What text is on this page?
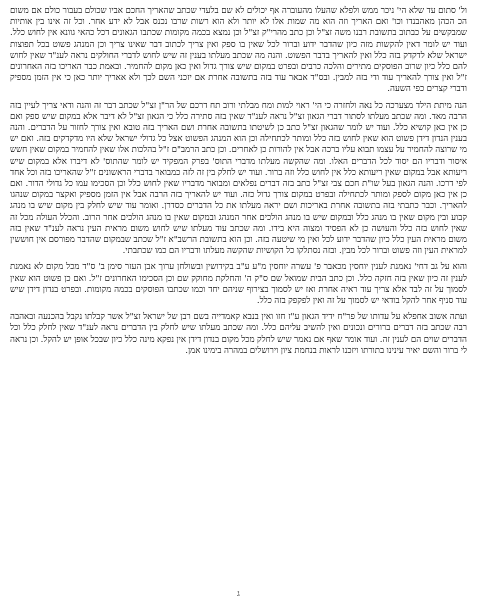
ול' סתום עד שלא הי' ניכר ממש ולפלא שהעלו מהעוברה אף יכולים לא שם בלעדי שכתב שהאריך החכם אביו שכולם בעבור כולם אם משום הכ הכהן מאהבנדו וכו' ואם האריך וזה הוא מה שמות אלו לא יותר ולא הוא רשות שרבו נכנס אבל לא ידע אחר. וכל זה אינו בין אותיות שמבקשים על כבתוב בתשובת רבנו משה זצ"ל וכן כתב מהרי"ק זצ"ל וכן נמצא בכמה מקומות שכתבו הגאונים דכל כהאי גוונא אין לחוש כלל. ועוד יש לומר דאין להקשות מזה כיון שהדבר ידוע וברור לכל שאין בו ספק ואין צריך לכתוב דבר שאינו צריך וכן המנהג פשוט בכל תפוצות ישראל שלא לדקדק בזה כלל ואין להאריך בדבר הפשוט. והנה מה שכתב מעלתו בענין זה שיש לחוש לדברי החולקים נראה לענ"ד שאין לחוש להם כלל כיון שרוב הפוסקים מתירים והלכה כרבים ובפרט במקום שיש צורך גדול ואין כאן מקום להחמיר. ובאמת כבר האריכו בזה האחרונים ז"ל ואין צורך להאריך עוד ודי בזה למבין. ובס"ד אבאר עוד בזה בתשובה אחרת אם יזכני השם לכך ולא אאריך יותר כאן כי אין הזמן מספיק ודברי קצרים כפי השעה.

הנה מיתת הילד מצערכה כל נאה ולחזרה כי הי' ראוי למות ומח מבלתי ורוב תח דרכם של הר"ן זצ"ל שכתב דבר זה והנה ודאי צריך לעיין בזה הרבה מאד. ומה שכתב מעלתו לסתור דברי הגאון זצ"ל נראה לענ"ד שאין בזה סתירה כלל כי הגאון זצ"ל לא דיבר אלא במקום שיש ספק ואם כן אין כאן קושיא כלל. ועוד יש לומר שהגאון זצ"ל כתב כן לשיטתו בתשובה אחרת ושם האריך בזה טובא ואין צורך לחזור על הדברים. והנה בענין הנדון דידן פשוט הוא שאין לחוש בזה כלל ומותר לכתחילה וכן הוא המנהג הפשוט אצל כל גדולי ישראל שלא היו מדקדקים בזה. ואם יש מי שרוצה להחמיר על עצמו תבוא עליו ברכה אבל אין להורות כן לאחרים. וכן כתב הרמב"ם ז"ל בהלכות אלו שאין להחמיר במקום שאין חשש איסור ודבריו הם יסוד לכל הדברים האלו. ומה שהקשה מעלתו מדברי התוס' בפרק המפקיד יש לומר שהתוס' לא דיברו אלא במקום שיש ריעותא אבל במקום שאין ריעותא כלל אין לחוש כלל וזה ברור. ועוד יש לחלק בין זה לזה כמבואר בדברי הראשונים ז"ל שהאריכו בזה וכל אחד לפי דרכו. והנה הגאון בעל שו"ת חכם צבי זצ"ל כתב בזה דברים נפלאים ומבואר מדבריו שאין לחוש כלל וכן הסכימו עמו כל גדולי הדור. ואם כן אין כאן מקום לספק ומותר לכתחילה ובפרט במקום צורך גדול כזה. ועוד יש להאריך בזה הרבה אבל אין הזמן מספיק ואקצר במקום שנהגו להאריך. וכבר כתבתי בזה בתשובה אחרת באריכות ושם יראה מעלתו את כל הדברים כסדרן. ואומר עוד שיש לחלק בין מקום שיש בו מנהג קבוע ובין מקום שאין בו מנהג כלל ובמקום שיש בו מנהג הולכים אחר המנהג ובמקום שאין בו מנהג הולכים אחר הרוב. והכלל העולה מכל זה שאין לחוש בזה כלל והעושה כן לא הפסיד ומצוה היא בידו. ומה שכתב עוד מעלתו שיש לחוש משום מראית העין נראה לענ"ד שאין בזה משום מראית העין כלל כיון שהדבר ידוע לכל ואין מי שיטעה בזה. וכן הוא בתשובת הרשב"א ז"ל שכתב שבמקום שהדבר מפורסם אין חוששין למראית העין וזה פשוט וברור לכל מבין. ובזה נסתלקו כל הקושיות שהקשה מעלתו ודבריו הם כמו שכתבתי.

והוא על גב דחי' נאמנת לענין יוחסין מכאבר פ' עשרה יוחסין מ"ע ע"ב בקידושין ובשולחן ערוך אבן העזר סימן ב' ס"ד מכל מקום לא נאמנת לענין זה כיון שאין בזה חזקה כלל. וכן כתב הבית שמואל שם ס"ק ה' והחלקת מחוקק שם וכן הסכימו האחרונים ז"ל. ואם כן פשוט הוא שאין לסמוך על זה לבד אלא צריך עוד ראיה אחרת ואז יש לסמוך בצירוף שניהם יחד וכמו שכתבו הפוסקים בכמה מקומות. ובפרט בנדון דידן שיש עוד סניף אחר להקל בודאי יש לסמוך על זה ואין לפקפק בזה כלל.

ועתה אשוב אחפלא על עדותו של פר"ח ידיד הגאון ע"ז חזו ואין בנבא קאמדייה בשם רבן של ישראל זצ"ל אשר קבלתו נקבל בהכנעה ובאהבה רבה שכתב בזה דברים ברורים ונכונים ואין להשיב עליהם כלל. ומה שכתב מעלתו שיש לחלק בין הדברים נראה לענ"ד שאין לחלק כלל וכל הדברים שוים הם לענין זה. ועוד אומר שאף אם נאמר שיש לחלק מכל מקום בנדון דידן אין נפקא מינה כלל כיון שבכל אופן יש להקל. וכן נראה לי ברור והשם יאיר עינינו בתורתו ויזכנו לראות בנחמת ציון וירושלים במהרה בימינו אמן.

ג
